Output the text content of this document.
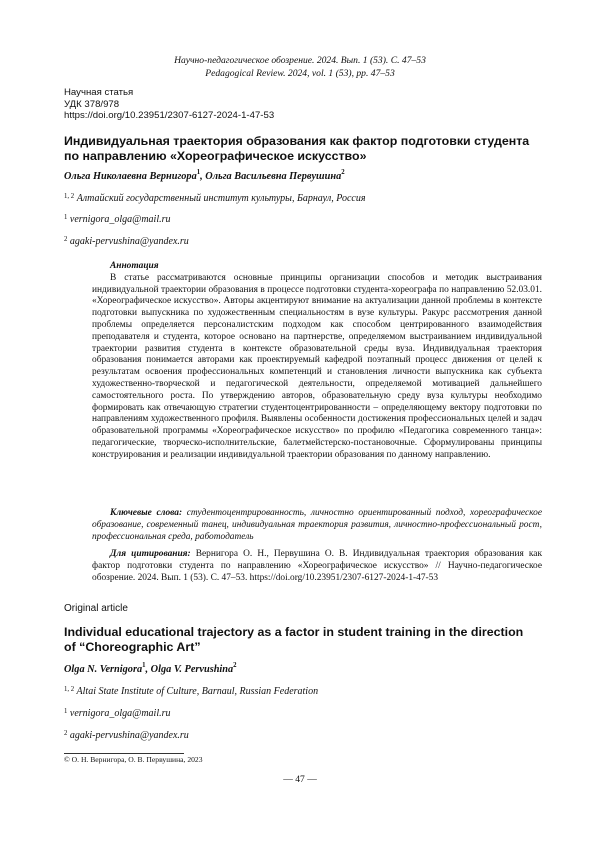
Научно-педагогическое обозрение. 2024. Вып. 1 (53). С. 47–53
Pedagogical Review. 2024, vol. 1 (53), pp. 47–53
Научная статья
УДК 378/978
https://doi.org/10.23951/2307-6127-2024-1-47-53
Индивидуальная траектория образования как фактор подготовки студента
по направлению «Хореографическое искусство»
Ольга Николаевна Вернигора$^1$, Ольга Васильевна Первушина$^2$
$^{1, 2}$ Алтайский государственный институт культуры, Барнаул, Россия
$^1$ vernigora_olga@mail.ru
$^2$ agaki-pervushina@yandex.ru
Аннотация
В статье рассматриваются основные принципы организации способов и методик выстраивания индивидуальной траектории образования в процессе подготовки студента-хореографа по направлению 52.03.01. «Хореографическое искусство». Авторы акцентируют внимание на актуализации данной проблемы в контексте подготовки выпускника по художественным специальностям в вузе культуры. Ракурс рассмотрения данной проблемы определяется персоналистским подходом как способом центрированного взаимодействия преподавателя и студента, которое основано на партнерстве, определяемом выстраиванием индивидуальной траектории развития студента в контексте образовательной среды вуза. Индивидуальная траектория образования понимается авторами как проектируемый кафедрой поэтапный процесс движения от целей к результатам освоения профессиональных компетенций и становления личности выпускника как субъекта художественно-творческой и педагогической деятельности, определяемой мотивацией дальнейшего самостоятельного роста. По утверждению авторов, образовательную среду вуза культуры необходимо формировать как отвечающую стратегии студентоцентрированности – определяющему вектору подготовки по направлениям художественного профиля. Выявлены особенности достижения профессиональных целей и задач образовательной программы «Хореографическое искусство» по профилю «Педагогика современного танца»: педагогические, творческо-исполнительские, балетмейстерско-постановочные. Сформулированы принципы конструирования и реализации индивидуальной траектории образования по данному направлению.
Ключевые слова: студентоцентрированность, личностно ориентированный подход, хореографическое образование, современный танец, индивидуальная траектория развития, личностно-профессиональный рост, профессиональная среда, работодатель
Для цитирования: Вернигора О. Н., Первушина О. В. Индивидуальная траектория образования как фактор подготовки студента по направлению «Хореографическое искусство» // Научно-педагогическое обозрение. 2024. Вып. 1 (53). С. 47–53. https://doi.org/10.23951/2307-6127-2024-1-47-53
Original article
Individual educational trajectory as a factor in student training in the direction
of “Choreographic Art”
Olga N. Vernigora$^1$, Olga V. Pervushina$^2$
$^{1, 2}$ Altai State Institute of Culture, Barnaul, Russian Federation
$^1$ vernigora_olga@mail.ru
$^2$ agaki-pervushina@yandex.ru
© О. Н. Вернигора, О. В. Первушина, 2023
— 47 —
